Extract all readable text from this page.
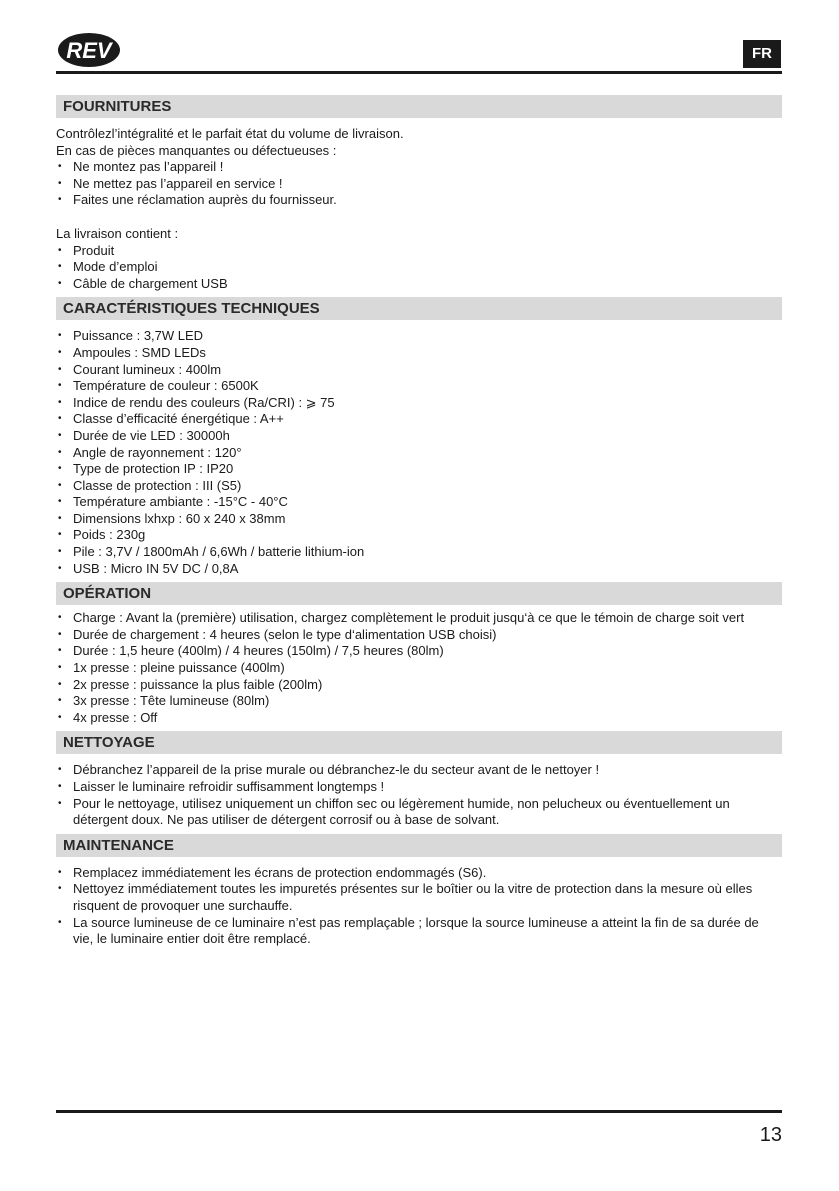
REV	FR
FOURNITURES

Contrôlezl’intégralité et le parfait état du volume de livraison.

En cas de pièces manquantes ou défectueuses :

• Ne montez pas l’appareil !
• Ne mettez pas l’appareil en service !
• Faites une réclamation auprès du fournisseur.

La livraison contient :

• Produit
• Mode d’emploi
• Câble de chargement USB
CARACTÉRISTIQUES TECHNIQUES
• Puissance : 3,7W LED
• Ampoules : SMD LEDs
• Courant lumineux : 400lm
• Température de couleur : 6500K
• Indice de rendu des couleurs (Ra/CRI) : ⩾ 75
• Classe d’efficacité énergétique : A++
• Durée de vie LED : 30000h
• Angle de rayonnement : 120°
• Type de protection IP : IP20
• Classe de protection : III (S5)
• Température ambiante : -15°C - 40°C
• Dimensions lxhxp : 60 x 240 x 38mm
• Poids : 230g
• Pile : 3,7V / 1800mAh / 6,6Wh / batterie lithium-ion
• USB : Micro IN 5V DC / 0,8A
OPÉRATION
• Charge : Avant la (première) utilisation, chargez complètement le produit jusqu‘à ce que le témoin de charge soit vert
• Durée de chargement : 4 heures (selon le type d‘alimentation USB choisi)
• Durée : 1,5 heure (400lm) / 4 heures (150lm) / 7,5 heures (80lm)
• 1x presse : pleine puissance (400lm)
• 2x presse : puissance la plus faible (200lm)
• 3x presse : Tête lumineuse (80lm)
• 4x presse : Off
NETTOYAGE
• Débranchez l’appareil de la prise murale ou débranchez-le du secteur avant de le nettoyer !
• Laisser le luminaire refroidir suffisamment longtemps !
• Pour le nettoyage, utilisez uniquement un chiffon sec ou légèrement humide, non pelucheux ou éventuellement un détergent doux. Ne pas utiliser de détergent corrosif ou à base de solvant.
MAINTENANCE
• Remplacez immédiatement les écrans de protection endommagés (S6).
• Nettoyez immédiatement toutes les impuretés présentes sur le boîtier ou la vitre de protection dans la mesure où elles risquent de provoquer une surchauffe.
• La source lumineuse de ce luminaire n’est pas remplaçable ; lorsque la source lumineuse a atteint la fin de sa durée de vie, le luminaire entier doit être remplacé.
13
